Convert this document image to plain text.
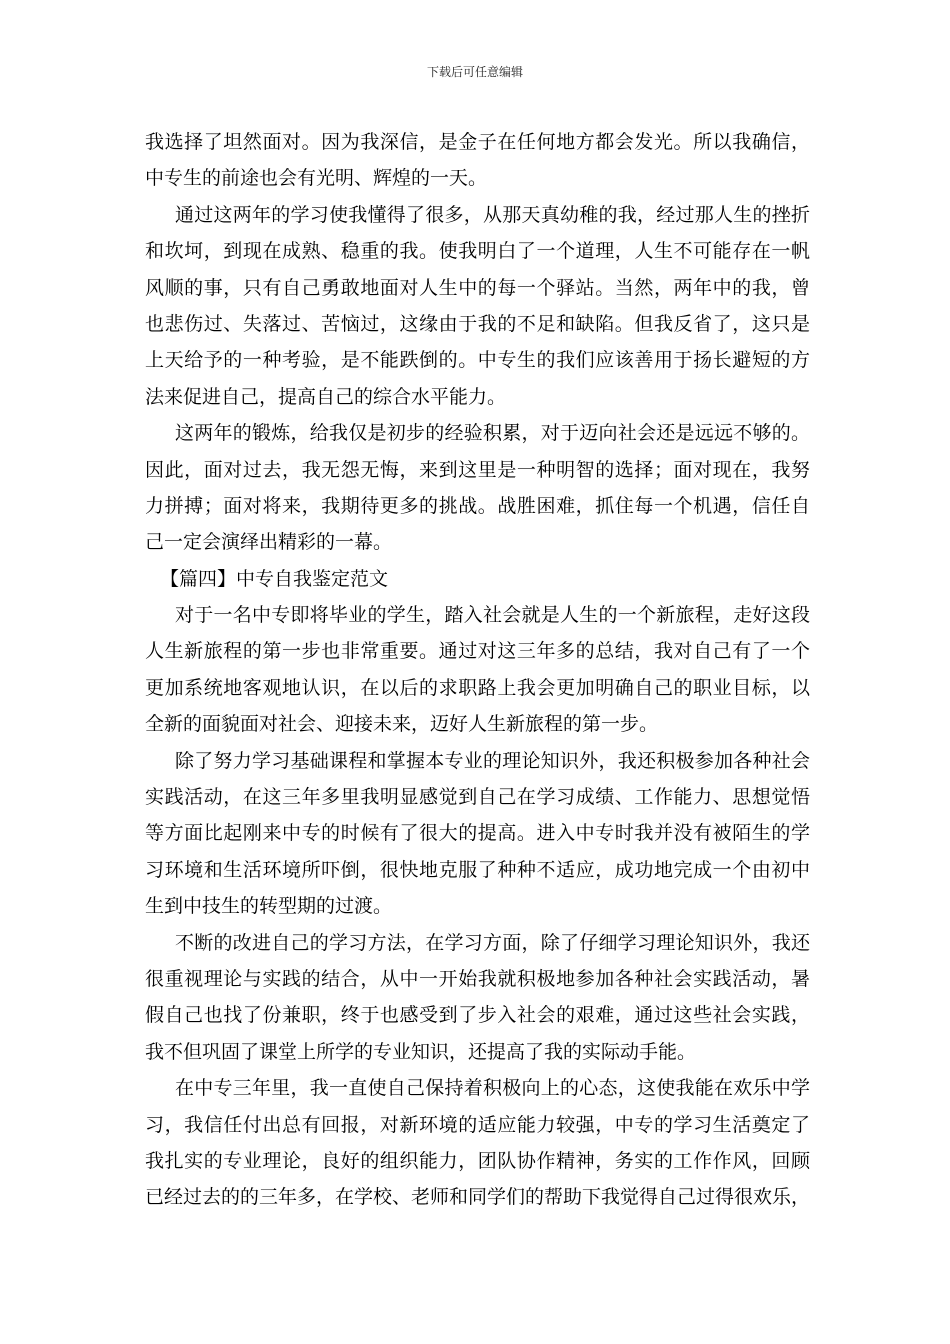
下载后可任意编辑
我选择了坦然面对。因为我深信，是金子在任何地方都会发光。所以我确信，
中专生的前途也会有光明、辉煌的一天。
通过这两年的学习使我懂得了很多，从那天真幼稚的我，经过那人生的挫折
和坎坷，到现在成熟、稳重的我。使我明白了一个道理，人生不可能存在一帆
风顺的事，只有自己勇敢地面对人生中的每一个驿站。当然，两年中的我，曾
也悲伤过、失落过、苦恼过，这缘由于我的不足和缺陷。但我反省了，这只是
上天给予的一种考验，是不能跌倒的。中专生的我们应该善用于扬长避短的方
法来促进自己，提高自己的综合水平能力。
这两年的锻炼，给我仅是初步的经验积累，对于迈向社会还是远远不够的。
因此，面对过去，我无怨无悔，来到这里是一种明智的选择；面对现在，我努
力拼搏；面对将来，我期待更多的挑战。战胜困难，抓住每一个机遇，信任自
己一定会演绎出精彩的一幕。
【篇四】中专自我鉴定范文
对于一名中专即将毕业的学生，踏入社会就是人生的一个新旅程，走好这段
人生新旅程的第一步也非常重要。通过对这三年多的总结，我对自己有了一个
更加系统地客观地认识，在以后的求职路上我会更加明确自己的职业目标，以
全新的面貌面对社会、迎接未来，迈好人生新旅程的第一步。
除了努力学习基础课程和掌握本专业的理论知识外，我还积极参加各种社会
实践活动，在这三年多里我明显感觉到自己在学习成绩、工作能力、思想觉悟
等方面比起刚来中专的时候有了很大的提高。进入中专时我并没有被陌生的学
习环境和生活环境所吓倒，很快地克服了种种不适应，成功地完成一个由初中
生到中技生的转型期的过渡。
不断的改进自己的学习方法，在学习方面，除了仔细学习理论知识外，我还
很重视理论与实践的结合，从中一开始我就积极地参加各种社会实践活动，暑
假自己也找了份兼职，终于也感受到了步入社会的艰难，通过这些社会实践，
我不但巩固了课堂上所学的专业知识，还提高了我的实际动手能。
在中专三年里，我一直使自己保持着积极向上的心态，这使我能在欢乐中学
习，我信任付出总有回报，对新环境的适应能力较强，中专的学习生活奠定了
我扎实的专业理论，良好的组织能力，团队协作精神，务实的工作作风，回顾
已经过去的的三年多，在学校、老师和同学们的帮助下我觉得自己过得很欢乐，
